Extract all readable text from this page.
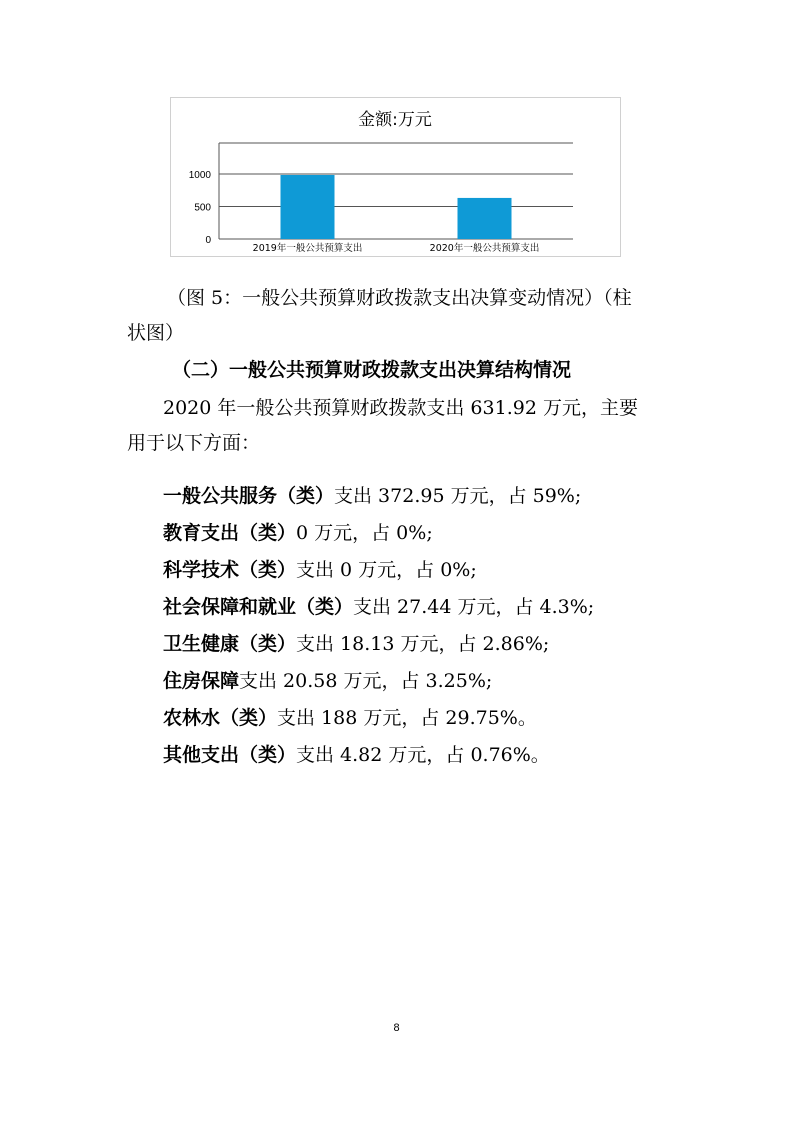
金额:万元
0
500
1000
2019年一般公共预算支出	2020年一般公共预算支出
（图 5：一般公共预算财政拨款支出决算变动情况）（柱
状图）
（二）一般公共预算财政拨款支出决算结构情况
2020 年一般公共预算财政拨款支出 631.92 万元，主要
用于以下方面：
一般公共服务（类）支出 372.95 万元，占 59%;
教育支出（类）0 万元，占 0%;
科学技术（类）支出 0 万元，占 0%;
社会保障和就业（类）支出 27.44 万元，占 4.3%;
卫生健康（类）支出 18.13 万元，占 2.86%;
住房保障支出 20.58 万元，占 3.25%;
农林水（类）支出 188 万元，占 29.75%。
其他支出（类）支出 4.82 万元，占 0.76%。
8
